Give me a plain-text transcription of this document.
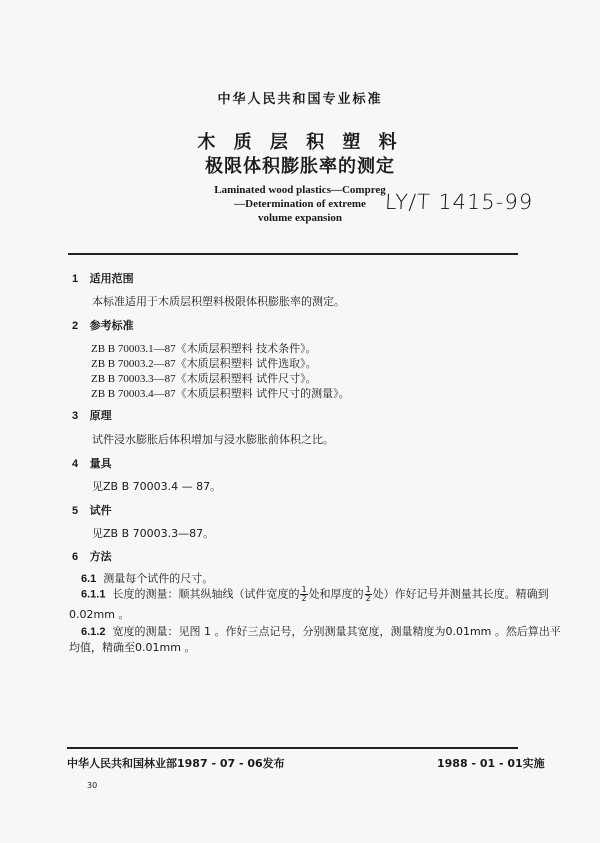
中华人民共和国专业标准
木 质 层 积 塑 料
极限体积膨胀率的测定
Laminated wood plastics—Compreg
—Determination of extreme
volume expansion
LY/T 1415-99
1 适用范围
本标准适用于木质层积塑料极限体积膨胀率的测定。
2 参考标准
ZB B 70003.1—87《木质层积塑料 技术条件》。
ZB B 70003.2—87《木质层积塑料 试件选取》。
ZB B 70003.3—87《木质层积塑料 试件尺寸》。
ZB B 70003.4—87《木质层积塑料 试件尺寸的测量》。
3 原理
试件浸水膨胀后体积增加与浸水膨胀前体积之比。
4 量具
见ZB B 70003.4 — 87。
5 试件
见ZB B 70003.3—87。
6 方法
6.1 测量每个试件的尺寸。
6.1.1 长度的测量：顺其纵轴线（试件宽度的 $\frac{1}{2}$ 处和厚度的 $\frac{1}{2}$ 处）作好记号并测量其长度。精确到
0.02mm 。
6.1.2 宽度的测量：见图 1 。作好三点记号，分别测量其宽度，测量精度为0.01mm 。然后算出平
均值，精确至0.01mm 。
中华人民共和国林业部1987 - 07 - 06发布	1988 - 01 - 01实施
30
